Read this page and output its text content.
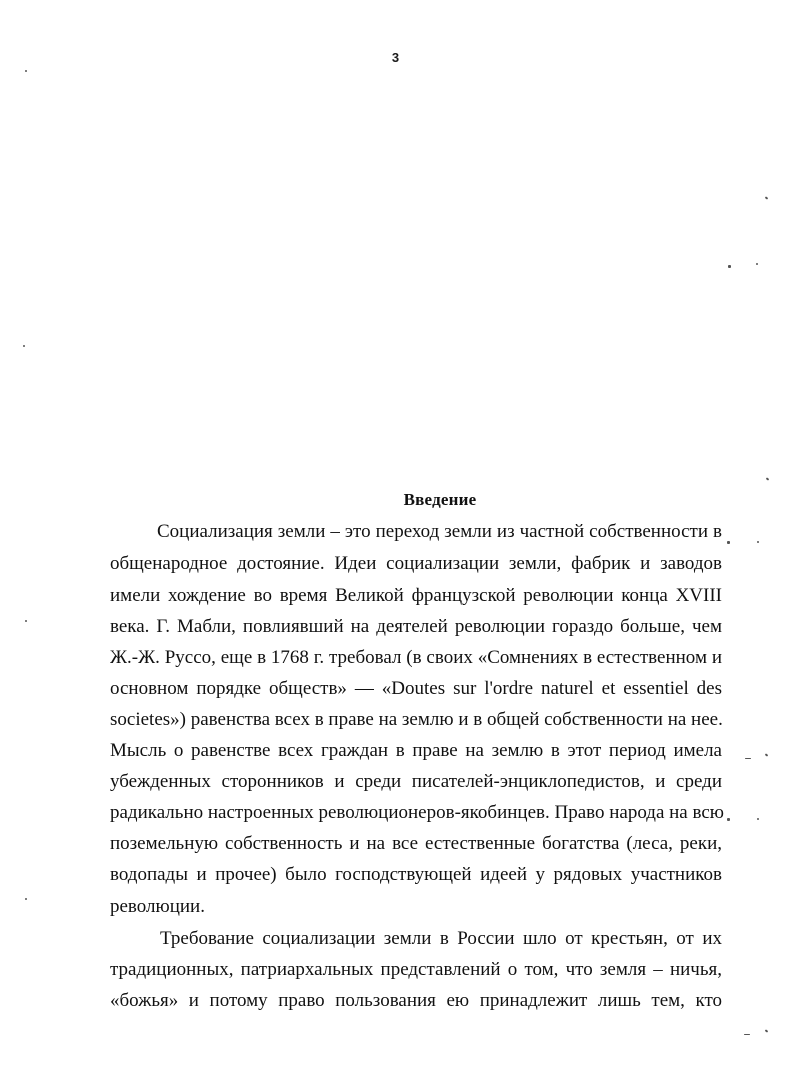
3
Введение
Социализация земли – это переход земли из частной собственности в
общенародное достояние. Идеи социализации земли, фабрик и заводов
имели хождение во время Великой французской революции конца XVIII
века. Г. Мабли, повлиявший на деятелей революции гораздо больше, чем
Ж.-Ж. Руссо, еще в 1768 г. требовал (в своих «Сомнениях в естественном и
основном порядке обществ» — «Doutes sur l'ordre naturel et essentiel des
societes») равенства всех в праве на землю и в общей собственности на нее.
Мысль о равенстве всех граждан в праве на землю в этот период имела
убежденных сторонников и среди писателей-энциклопедистов, и среди
радикально настроенных революционеров-якобинцев. Право народа на всю
поземельную собственность и на все естественные богатства (леса, реки,
водопады и прочее) было господствующей идеей у рядовых участников
революции.
Требование социализации земли в России шло от крестьян, от их
традиционных, патриархальных представлений о том, что земля – ничья,
«божья» и потому право пользования ею принадлежит лишь тем, кто
